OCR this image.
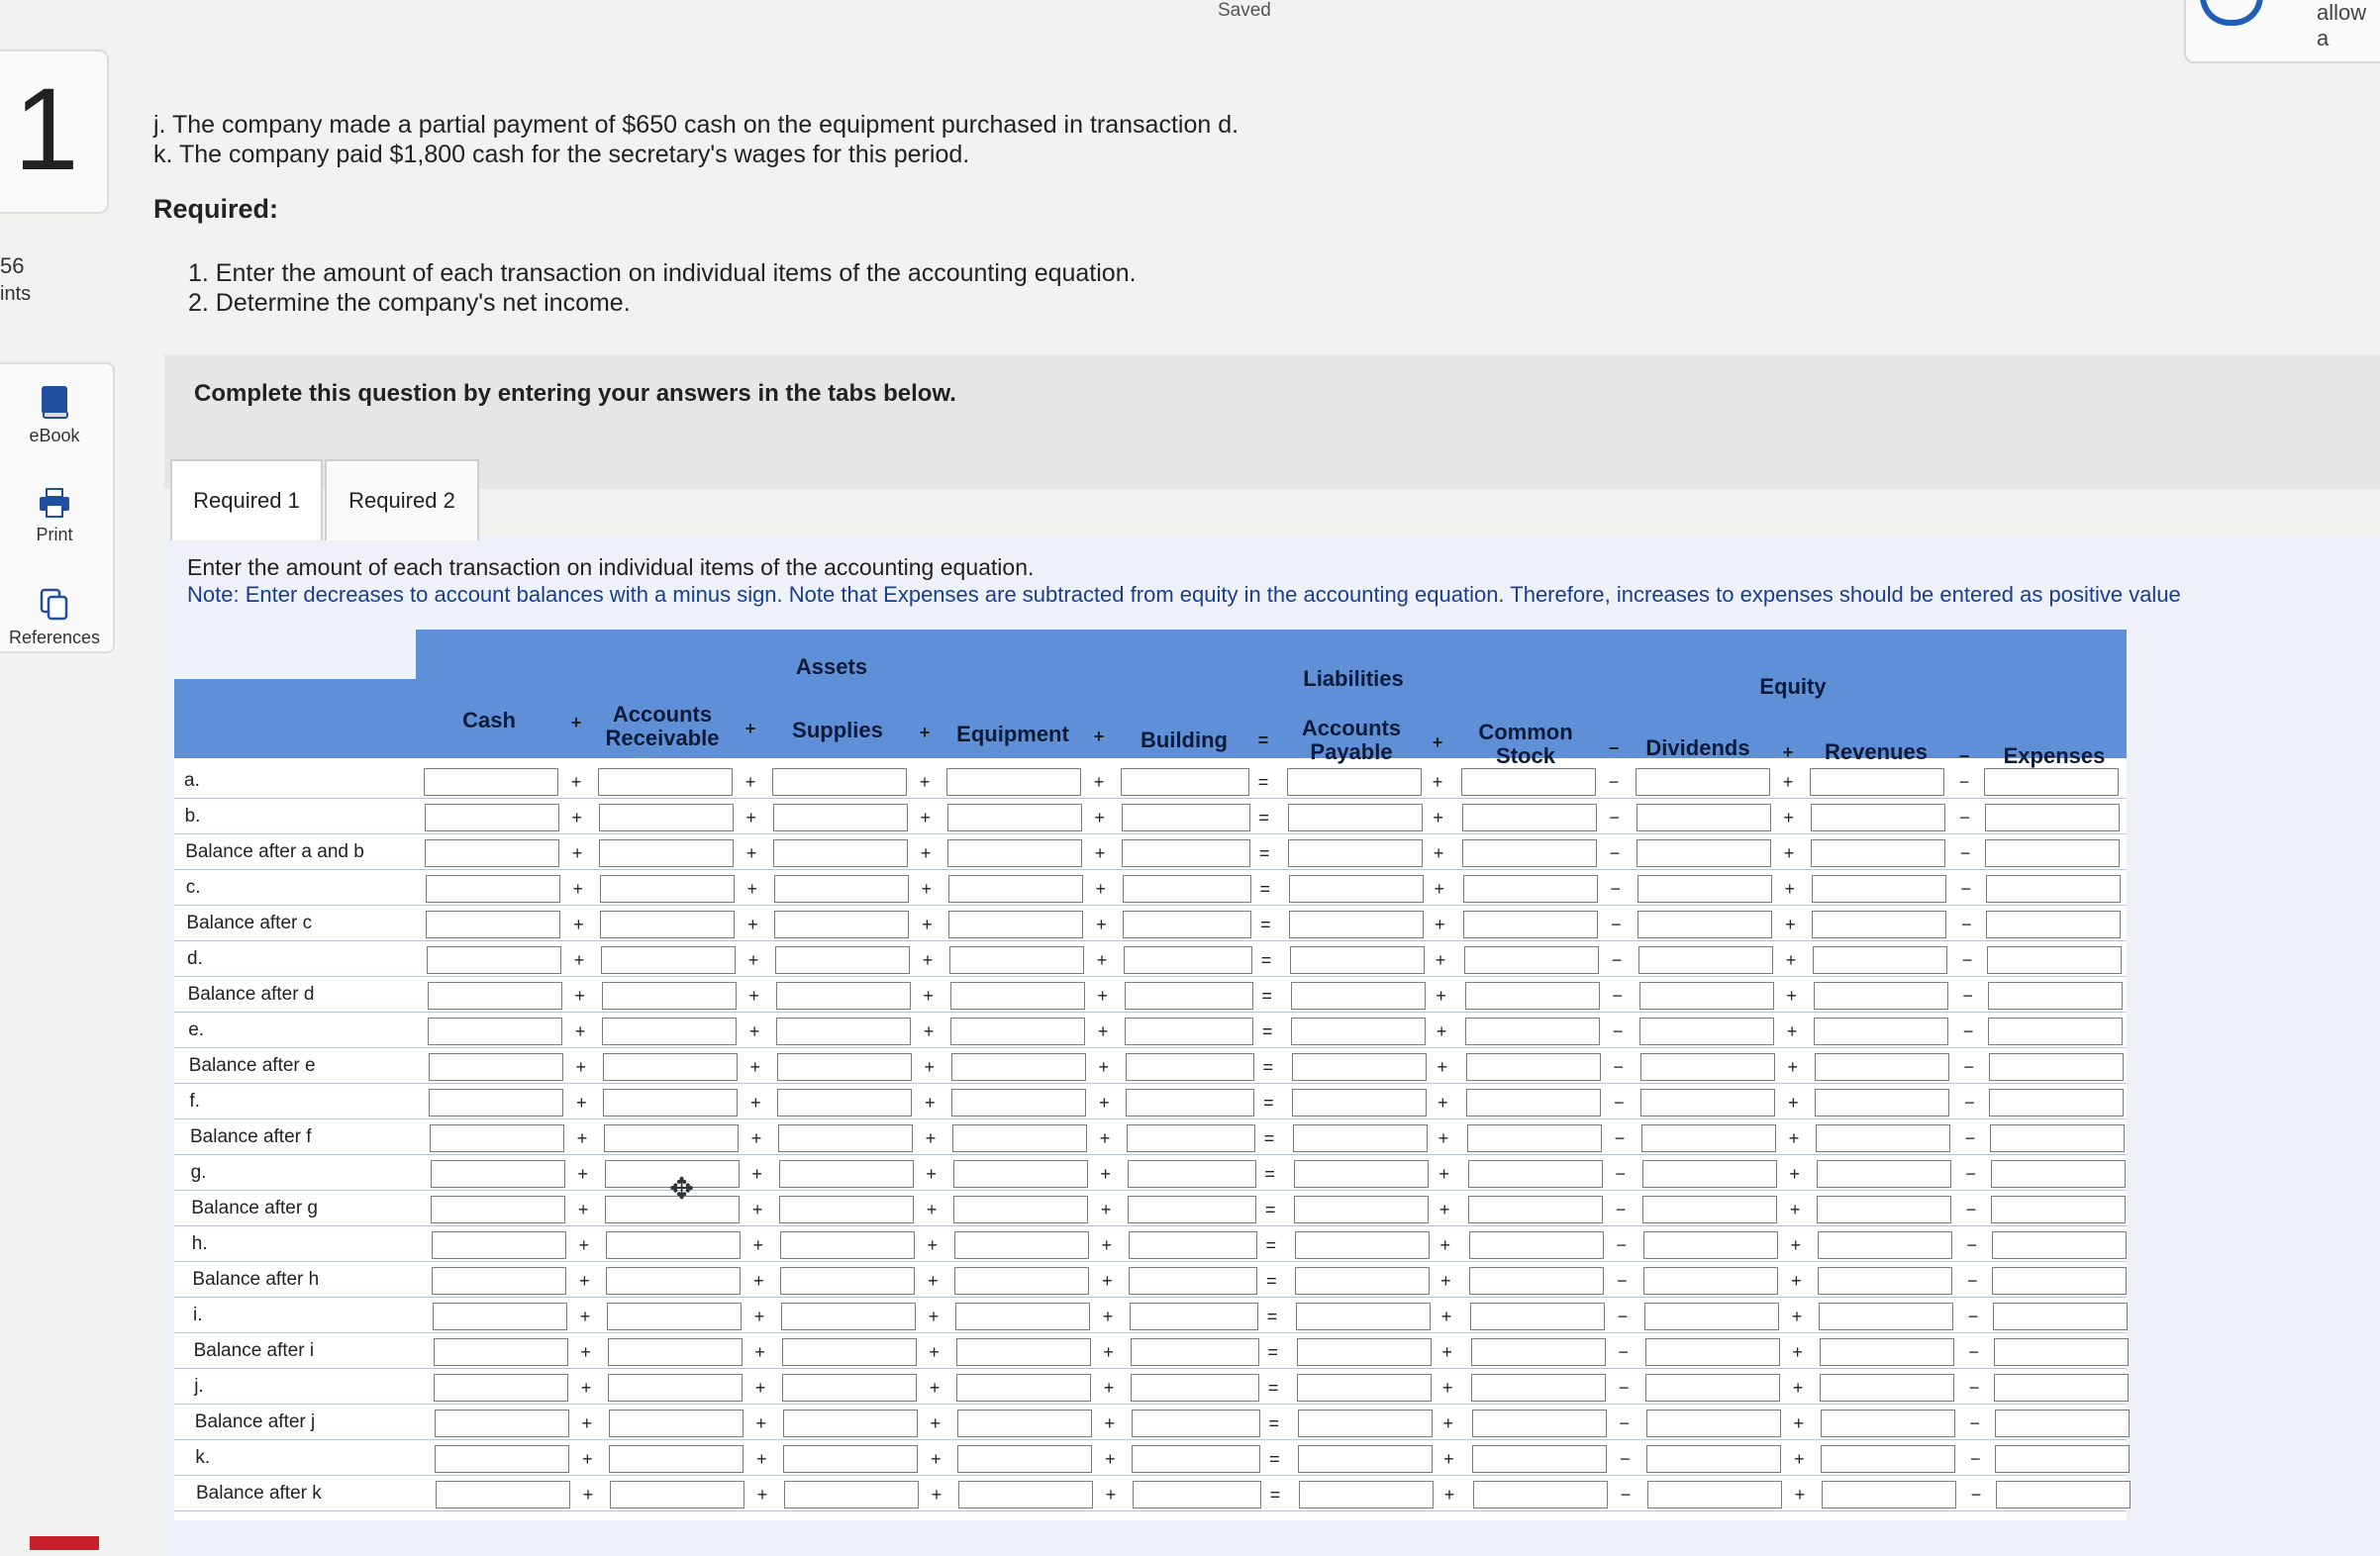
1
56
ints
eBook
Print
References
Saved	allow a
j. The company made a partial payment of $650 cash on the equipment purchased in transaction d.
k. The company paid $1,800 cash for the secretary's wages for this period.
Required:
1. Enter the amount of each transaction on individual items of the accounting equation.
2. Determine the company's net income.
Complete this question by entering your answers in the tabs below.
Required 1	Required 2
Enter the amount of each transaction on individual items of the accounting equation.
Note: Enter decreases to account balances with a minus sign. Note that Expenses are subtracted from equity in the accounting equation. Therefore, increases to expenses should be entered as positive value
Assets	Liabilities	Equity
Cash	Accounts Receivable	Supplies	Equipment	Building	Accounts Payable
Common Stock	Dividends	Revenues	Expenses
+	+	+	+	=	+	−	+	−
a.	+	+	+	+	=	+	−	+	−
b.	+	+	+	+	=	+	−	+	−
Balance after a and b	+	+	+	+	=	+	−	+	−
c.	+	+	+	+	=	+	−	+	−
Balance after c	+	+	+	+	=	+	−	+	−
d.	+	+	+	+	=	+	−	+	−
Balance after d	+	+	+	+	=	+	−	+	−
e.	+	+	+	+	=	+	−	+	−
Balance after e	+	+	+	+	=	+	−	+	−
f.	+	+	+	+	=	+	−	+	−
Balance after f	+	+	+	+	=	+	−	+	−
g.	+	+	+	+	=	+	−	+	−
Balance after g	+	+	+	+	=	+	−	+	−
h.	+	+	+	+	=	+	−	+	−
Balance after h	+	+	+	+	=	+	−	+	−
i.	+	+	+	+	=	+	−	+	−
Balance after i	+	+	+	+	=	+	−	+	−
j.	+	+	+	+	=	+	−	+	−
Balance after j	+	+	+	+	=	+	−	+	−
k.	+	+	+	+	=	+	−	+	−
Balance after k	+	+	+	+	=	+	−	+	−
✥
